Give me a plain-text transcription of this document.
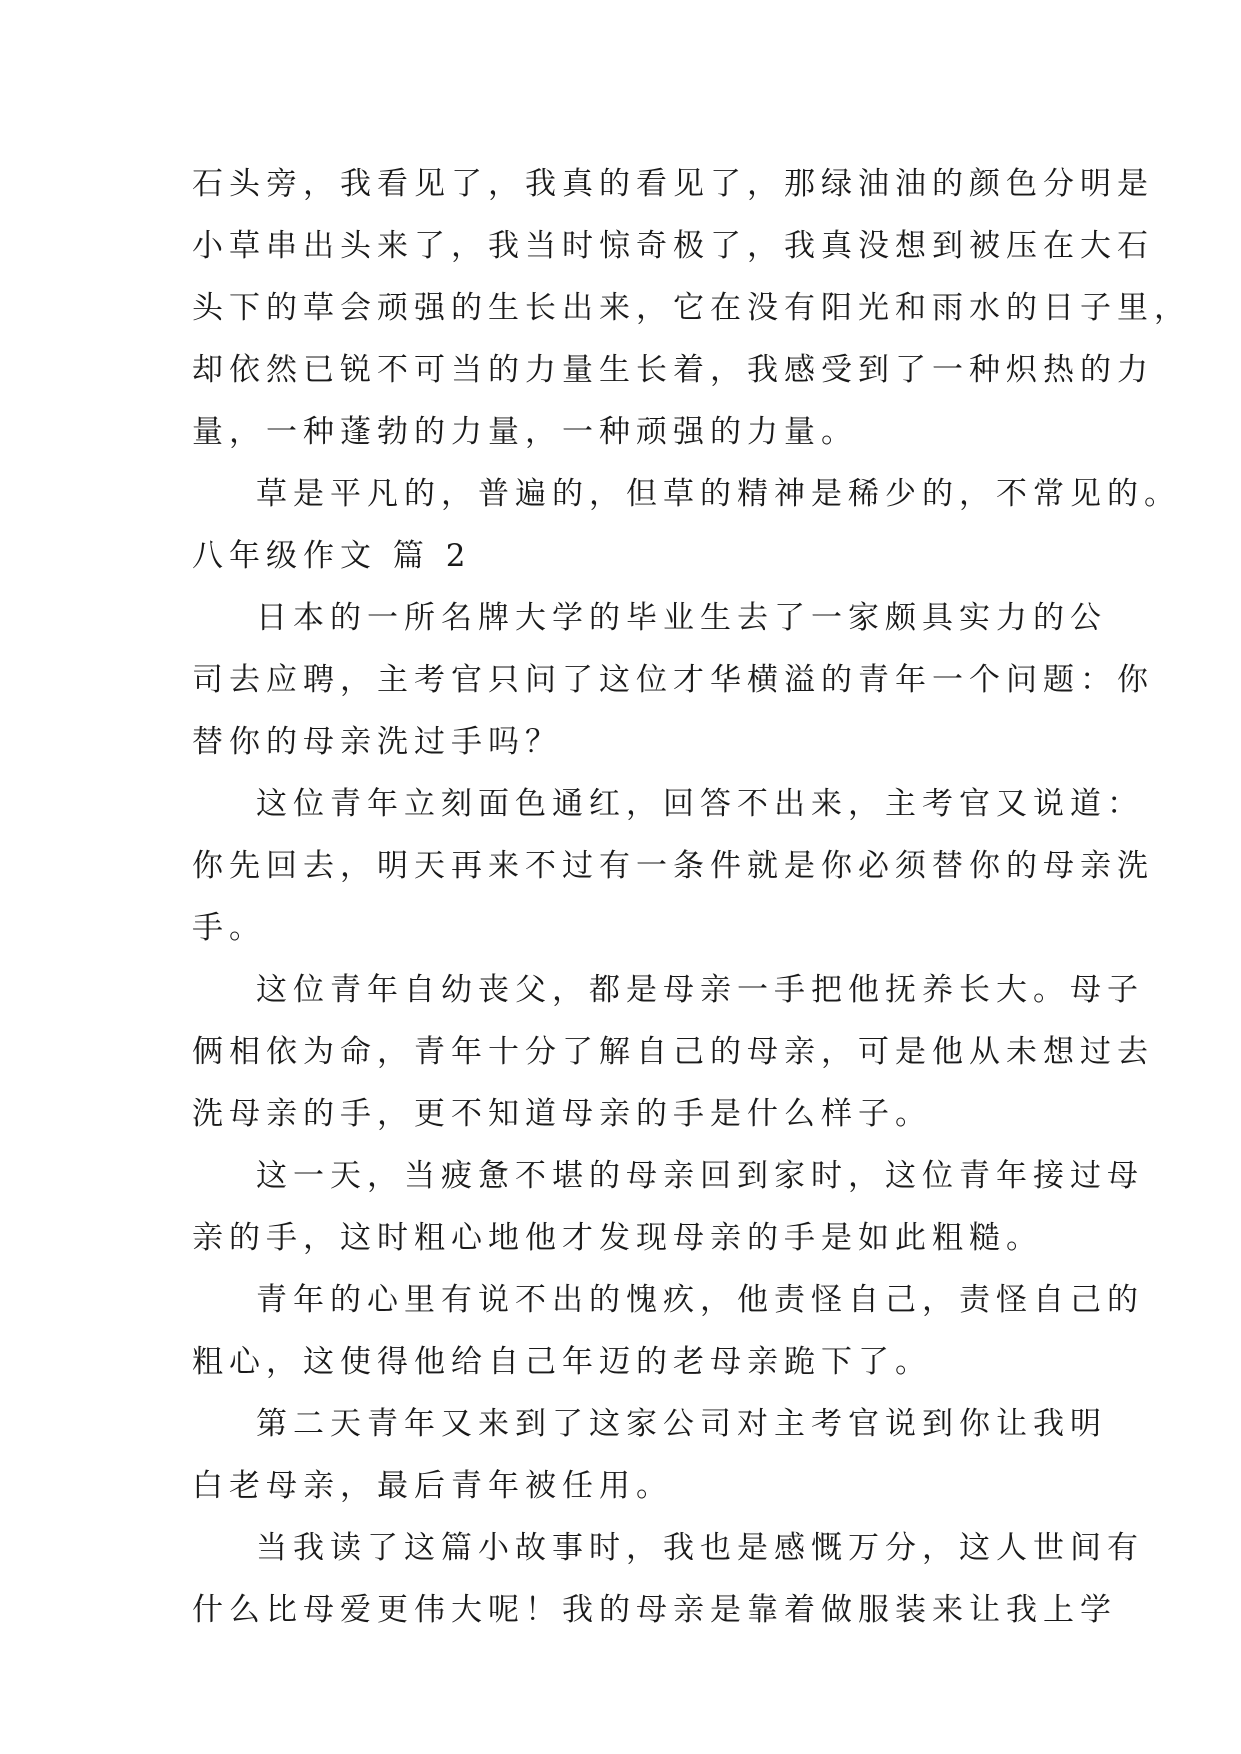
石头旁，我看见了，我真的看见了，那绿油油的颜色分明是
小草串出头来了，我当时惊奇极了，我真没想到被压在大石
头下的草会顽强的生长出来，它在没有阳光和雨水的日子里，
却依然已锐不可当的力量生长着，我感受到了一种炽热的力
量，一种蓬勃的力量，一种顽强的力量。
草是平凡的，普遍的，但草的精神是稀少的，不常见的。
八年级作文 篇 2
日本的一所名牌大学的毕业生去了一家颇具实力的公
司去应聘，主考官只问了这位才华横溢的青年一个问题：你
替你的母亲洗过手吗？
这位青年立刻面色通红，回答不出来，主考官又说道：
你先回去，明天再来不过有一条件就是你必须替你的母亲洗
手。
这位青年自幼丧父，都是母亲一手把他抚养长大。母子
俩相依为命，青年十分了解自己的母亲，可是他从未想过去
洗母亲的手，更不知道母亲的手是什么样子。
这一天，当疲惫不堪的母亲回到家时，这位青年接过母
亲的手，这时粗心地他才发现母亲的手是如此粗糙。
青年的心里有说不出的愧疚，他责怪自己，责怪自己的
粗心，这使得他给自己年迈的老母亲跪下了。
第二天青年又来到了这家公司对主考官说到你让我明
白老母亲，最后青年被任用。
当我读了这篇小故事时，我也是感慨万分，这人世间有
什么比母爱更伟大呢！我的母亲是靠着做服装来让我上学
